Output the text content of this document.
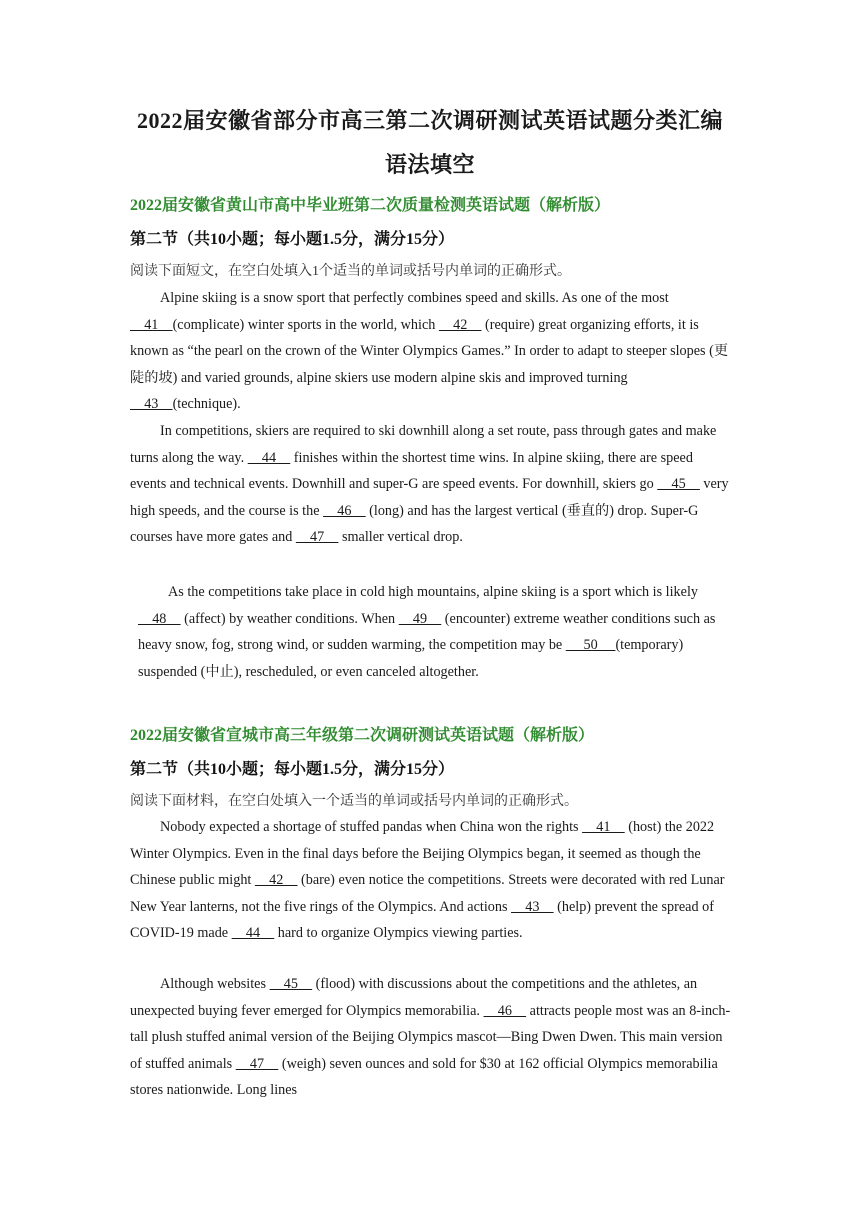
2022届安徽省部分市高三第二次调研测试英语试题分类汇编
语法填空
2022届安徽省黄山市高中毕业班第二次质量检测英语试题（解析版）
第二节（共10小题；每小题1.5分，满分15分）
阅读下面短文，在空白处填入1个适当的单词或括号内单词的正确形式。

Alpine skiing is a snow sport that perfectly combines speed and skills. As one of the most     41    (complicate) winter sports in the world, which     42     (require) great organizing efforts, it is known as “the pearl on the crown of the Winter Olympics Games.” In order to adapt to steeper slopes (更陡的坡) and varied grounds, alpine skiers use modern alpine skis and improved turning     43    (technique).

In competitions, skiers are required to ski downhill along a set route, pass through gates and make turns along the way.     44     finishes within the shortest time wins. In alpine skiing, there are speed events and technical events. Downhill and super-G are speed events. For downhill, skiers go     45     very high speeds, and the course is the     46     (long) and has the largest vertical (垂直的) drop. Super-G courses have more gates and     47     smaller vertical drop.

As the competitions take place in cold high mountains, alpine skiing is a sport which is likely    48     (affect) by weather conditions. When     49     (encounter) extreme weather conditions such as heavy snow, fog, strong wind, or sudden warming, the competition may be      50     (temporary) suspended (中止), rescheduled, or even canceled altogether.

2022届安徽省宣城市高三年级第二次调研测试英语试题（解析版）
第二节（共10小题；每小题1.5分，满分15分）
阅读下面材料，在空白处填入一个适当的单词或括号内单词的正确形式。

Nobody expected a shortage of stuffed pandas when China won the rights     41     (host) the 2022 Winter Olympics. Even in the final days before the Beijing Olympics began, it seemed as though the Chinese public might     42     (bare) even notice the competitions. Streets were decorated with red Lunar New Year lanterns, not the five rings of the Olympics. And actions     43     (help) prevent the spread of COVID-19 made     44     hard to organize Olympics viewing parties.

Although websites     45     (flood) with discussions about the competitions and the athletes, an unexpected buying fever emerged for Olympics memorabilia.     46     attracts people most was an 8-inch-tall plush stuffed animal version of the Beijing Olympics mascot—Bing Dwen Dwen. This main version of stuffed animals     47     (weigh) seven ounces and sold for $30 at 162 official Olympics memorabilia stores nationwide. Long lines
